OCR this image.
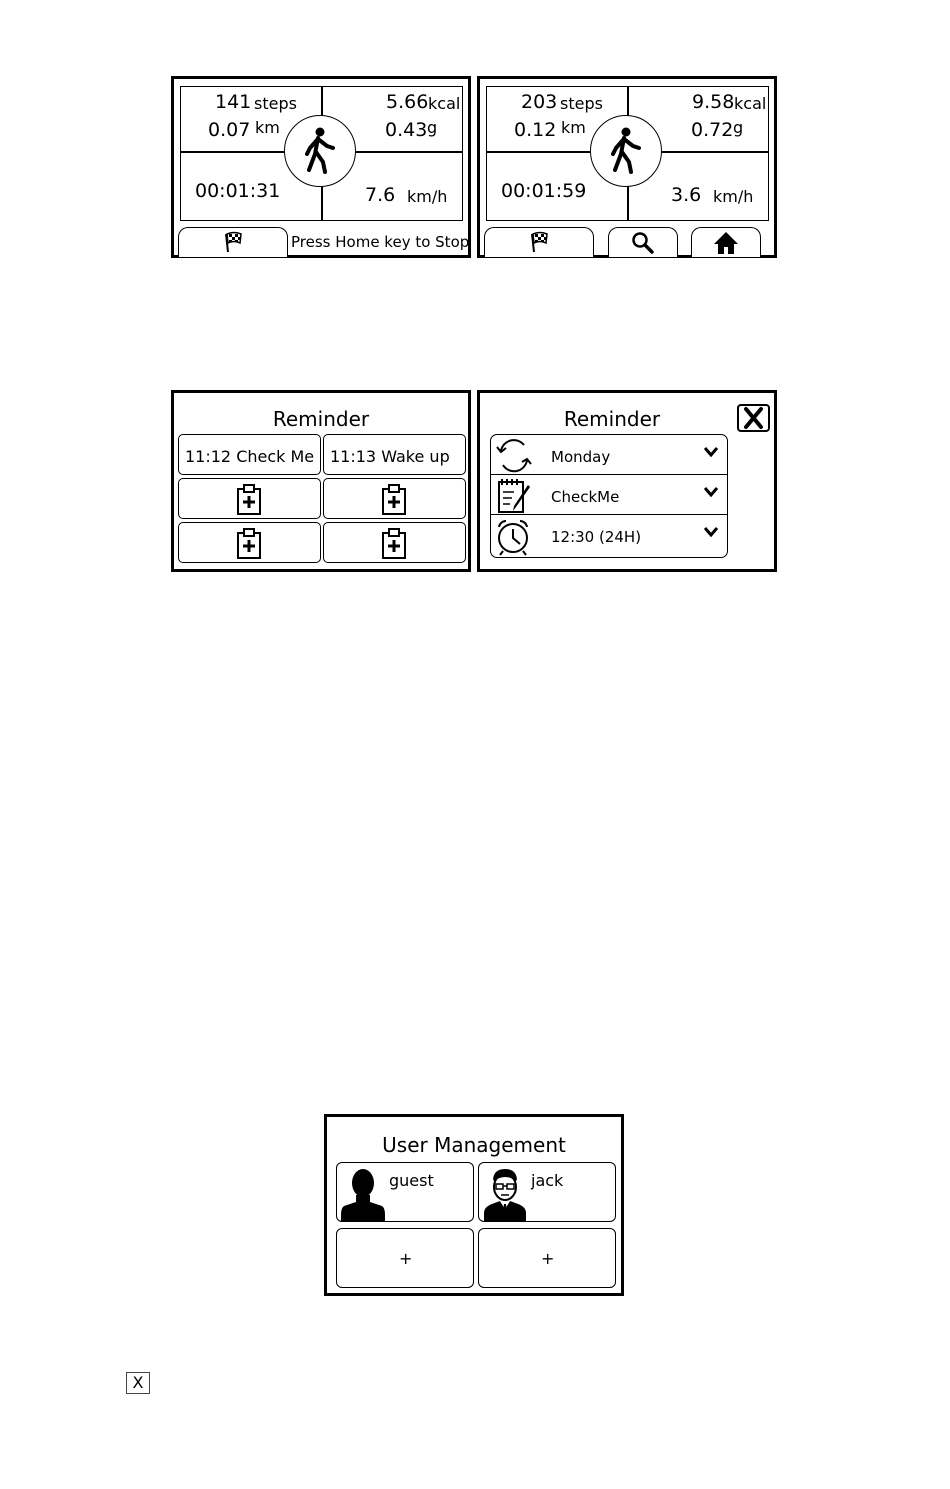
141 steps
0.07 km
5.66 kcal
0.43 g
00:01:31	7.6 km/h
Press Home key to Stop
203 steps
0.12 km
9.58 kcal
0.72 g
00:01:59	3.6 km/h
Reminder
11:12 Check Me 11:13 Wake up
Reminder
Monday
CheckMe
12:30 (24H)
User Management
guest	jack
+	+
X
